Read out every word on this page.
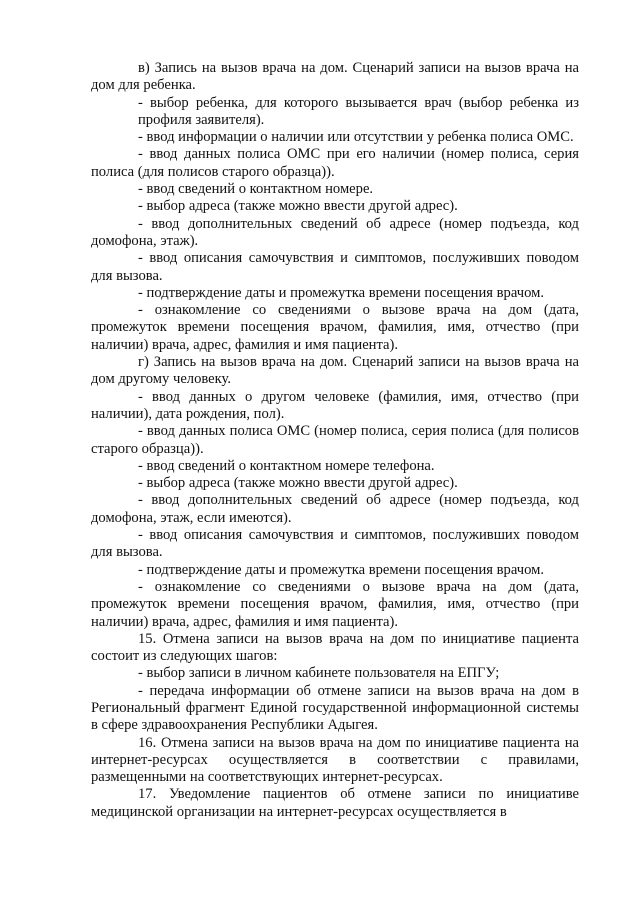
в) Запись на вызов врача на дом. Сценарий записи на вызов врача на дом для ребенка.

- выбор ребенка, для которого вызывается врач (выбор ребенка из профиля заявителя).

- ввод информации о наличии или отсутствии у ребенка полиса ОМС.

- ввод данных полиса ОМС при его наличии (номер полиса, серия полиса (для полисов старого образца)).

- ввод сведений о контактном номере.

- выбор адреса (также можно ввести другой адрес).

- ввод дополнительных сведений об адресе (номер подъезда, код домофона, этаж).

- ввод описания самочувствия и симптомов, послуживших поводом для вызова.

- подтверждение даты и промежутка времени посещения врачом.

- ознакомление со сведениями о вызове врача на дом (дата, промежуток времени посещения врачом, фамилия, имя, отчество (при наличии) врача, адрес, фамилия и имя пациента).

г) Запись на вызов врача на дом. Сценарий записи на вызов врача на дом другому человеку.

- ввод данных о другом человеке (фамилия, имя, отчество (при наличии), дата рождения, пол).

- ввод данных полиса ОМС (номер полиса, серия полиса (для полисов старого образца)).

- ввод сведений о контактном номере телефона.

- выбор адреса (также можно ввести другой адрес).

- ввод дополнительных сведений об адресе (номер подъезда, код домофона, этаж, если имеются).

- ввод описания самочувствия и симптомов, послуживших поводом для вызова.

- подтверждение даты и промежутка времени посещения врачом.

- ознакомление со сведениями о вызове врача на дом (дата, промежуток времени посещения врачом, фамилия, имя, отчество (при наличии) врача, адрес, фамилия и имя пациента).

15. Отмена записи на вызов врача на дом по инициативе пациента состоит из следующих шагов:

- выбор записи в личном кабинете пользователя на ЕПГУ;

- передача информации об отмене записи на вызов врача на дом в Региональный фрагмент Единой государственной информационной системы в сфере здравоохранения Республики Адыгея.

16. Отмена записи на вызов врача на дом по инициативе пациента на интернет-ресурсах осуществляется в соответствии с правилами, размещенными на соответствующих интернет-ресурсах.

17. Уведомление пациентов об отмене записи по инициативе медицинской организации на интернет-ресурсах осуществляется в
